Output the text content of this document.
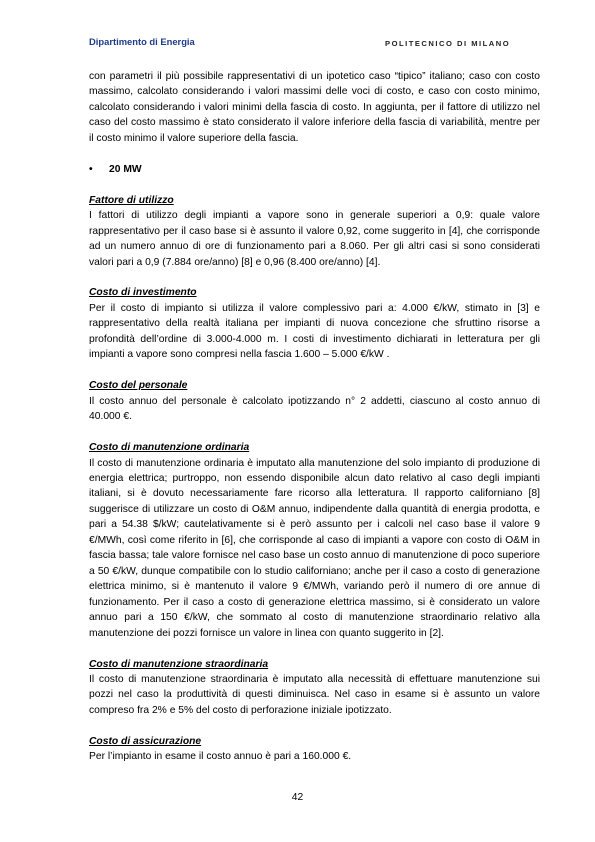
Dipartimento di Energia	POLITECNICO DI MILANO

con parametri il più possibile rappresentativi di un ipotetico caso “tipico” italiano; caso con costo massimo, calcolato considerando i valori massimi delle voci di costo, e caso con costo minimo, calcolato considerando i valori minimi della fascia di costo. In aggiunta, per il fattore di utilizzo nel caso del costo massimo è stato considerato il valore inferiore della fascia di variabilità, mentre per il costo minimo il valore superiore della fascia.

•	20 MW
Fattore di utilizzo

I fattori di utilizzo degli impianti a vapore sono in generale superiori a 0,9: quale valore rappresentativo per il caso base si è assunto il valore 0,92, come suggerito in [4], che corrisponde ad un numero annuo di ore di funzionamento pari a 8.060. Per gli altri casi si sono considerati valori pari a 0,9 (7.884 ore/anno) [8] e 0,96 (8.400 ore/anno) [4].

Costo di investimento

Per il costo di impianto si utilizza il valore complessivo pari a: 4.000 €/kW, stimato in [3] e rappresentativo della realtà italiana per impianti di nuova concezione che sfruttino risorse a profondità dell’ordine di 3.000-4.000 m. I costi di investimento dichiarati in letteratura per gli impianti a vapore sono compresi nella fascia 1.600 – 5.000 €/kW .

Costo del personale

Il costo annuo del personale è calcolato ipotizzando n° 2 addetti, ciascuno al costo annuo di 40.000 €.

Costo di manutenzione ordinaria

Il costo di manutenzione ordinaria è imputato alla manutenzione del solo impianto di produzione di energia elettrica; purtroppo, non essendo disponibile alcun dato relativo al caso degli impianti italiani, si è dovuto necessariamente fare ricorso alla letteratura. Il rapporto californiano [8] suggerisce di utilizzare un costo di O&M annuo, indipendente dalla quantità di energia prodotta, e pari a 54.38 $/kW; cautelativamente si è però assunto per i calcoli nel caso base il valore 9 €/MWh, così come riferito in [6], che corrisponde al caso di impianti a vapore con costo di O&M in fascia bassa; tale valore fornisce nel caso base un costo annuo di manutenzione di poco superiore a 50 €/kW, dunque compatibile con lo studio californiano; anche per il caso a costo di generazione elettrica minimo, si è mantenuto il valore 9 €/MWh, variando però il numero di ore annue di funzionamento. Per il caso a costo di generazione elettrica massimo, si è considerato un valore annuo pari a 150 €/kW, che sommato al costo di manutenzione straordinario relativo alla manutenzione dei pozzi fornisce un valore in linea con quanto suggerito in [2].

Costo di manutenzione straordinaria

Il costo di manutenzione straordinaria è imputato alla necessità di effettuare manutenzione sui pozzi nel caso la produttività di questi diminuisca. Nel caso in esame si è assunto un valore compreso fra 2% e 5% del costo di perforazione iniziale ipotizzato.

Costo di assicurazione

Per l’impianto in esame il costo annuo è pari a 160.000 €.

42
